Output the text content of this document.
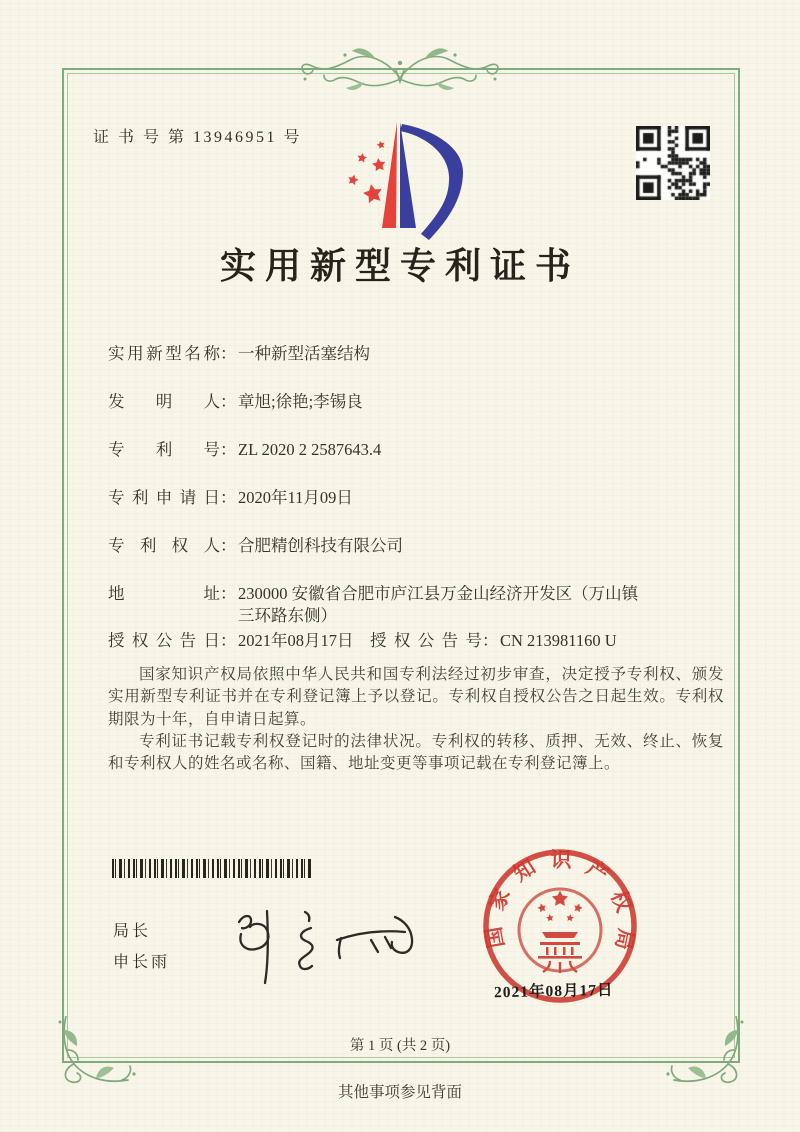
证 书 号 第 13946951 号
实用新型专利证书
实用新型名称 ： 一种新型活塞结构
发明人 ： 章旭;徐艳;李锡良
专利号 ： ZL 2020 2 2587643.4
专利申请日 ： 2020年11月09日
专利权人 ： 合肥精创科技有限公司
地址 ： 230000 安徽省合肥市庐江县万金山经济开发区（万山镇三环路东侧）
授权公告日 ： 2021年08月17日 授权公告号 ： CN 213981160 U

国家知识产权局依照中华人民共和国专利法经过初步审查，决定授予专利权、颁发实用新型专利证书并在专利登记簿上予以登记。专利权自授权公告之日起生效。专利权期限为十年，自申请日起算。

专利证书记载专利权登记时的法律状况。专利权的转移、质押、无效、终止、恢复和专利权人的姓名或名称、国籍、地址变更等事项记载在专利登记簿上。

局长
申长雨
国家知识产权局
2021年08月17日
第 1 页 (共 2 页)
其他事项参见背面
